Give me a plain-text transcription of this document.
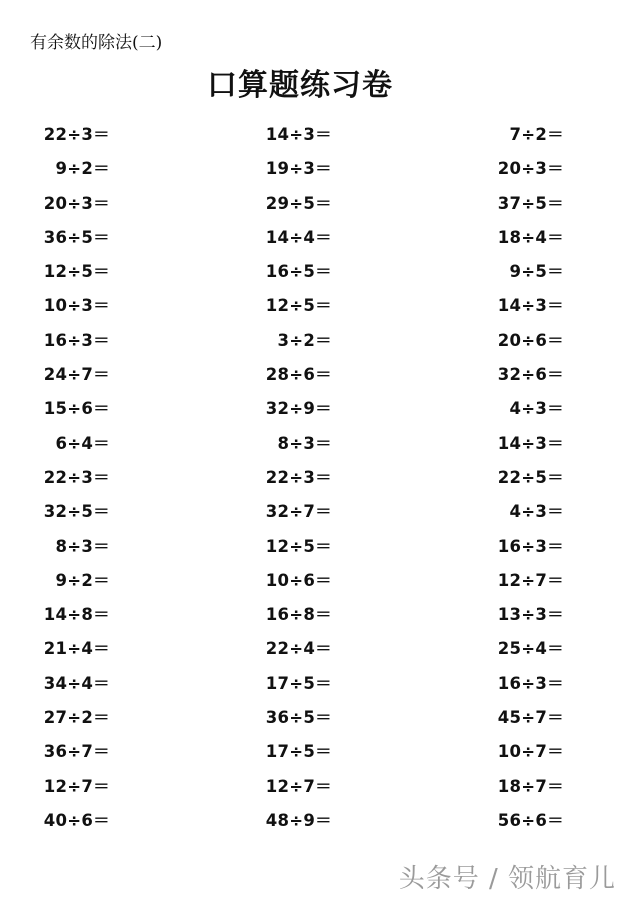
有余数的除法(二)
口算题练习卷
22÷3＝
9÷2＝
20÷3＝
36÷5＝
12÷5＝
10÷3＝
16÷3＝
24÷7＝
15÷6＝
6÷4＝
22÷3＝
32÷5＝
8÷3＝
9÷2＝
14÷8＝
21÷4＝
34÷4＝
27÷2＝
36÷7＝
12÷7＝
40÷6＝
14÷3＝
19÷3＝
29÷5＝
14÷4＝
16÷5＝
12÷5＝
3÷2＝
28÷6＝
32÷9＝
8÷3＝
22÷3＝
32÷7＝
12÷5＝
10÷6＝
16÷8＝
22÷4＝
17÷5＝
36÷5＝
17÷5＝
12÷7＝
48÷9＝
7÷2＝
20÷3＝
37÷5＝
18÷4＝
9÷5＝
14÷3＝
20÷6＝
32÷6＝
4÷3＝
14÷3＝
22÷5＝
4÷3＝
16÷3＝
12÷7＝
13÷3＝
25÷4＝
16÷3＝
45÷7＝
10÷7＝
18÷7＝
56÷6＝
头条号 / 领航育儿
